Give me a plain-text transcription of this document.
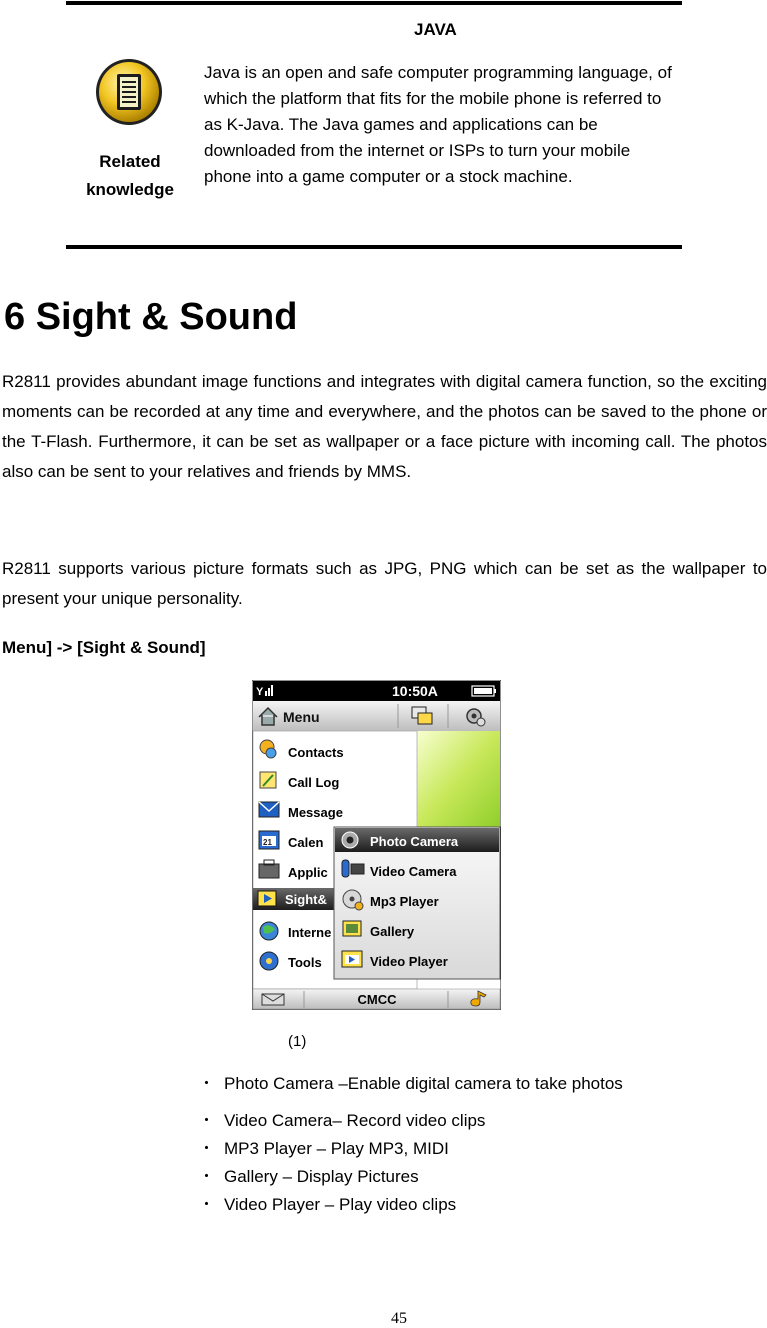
JAVA
Related
knowledge
Java is an open and safe computer programming language, of which the platform that fits for the mobile phone is referred to as K-Java. The Java games and applications can be downloaded from the internet or ISPs to turn your mobile phone into a game computer or a stock machine.
6 Sight & Sound
R2811 provides abundant image functions and integrates with digital camera function, so the exciting moments can be recorded at any time and everywhere, and the photos can be saved to the phone or the T-Flash. Furthermore, it can be set as wallpaper or a face picture with incoming call. The photos also can be sent to your relatives and friends by MMS.
R2811 supports various picture formats such as JPG, PNG which can be set as the wallpaper to present your unique personality.
Menu] -> [Sight & Sound]
Y	10:50A
Menu
Contacts
Call Log
Message
21 Calen
Applic
Sight&
Interne
Tools
Photo Camera
Video Camera
Mp3 Player
Gallery
Video Player
CMCC
(1)
・ Photo Camera –Enable digital camera to take photos
・ Video Camera– Record video clips
・ MP3 Player – Play MP3, MIDI
・ Gallery – Display Pictures
・ Video Player – Play video clips
45
